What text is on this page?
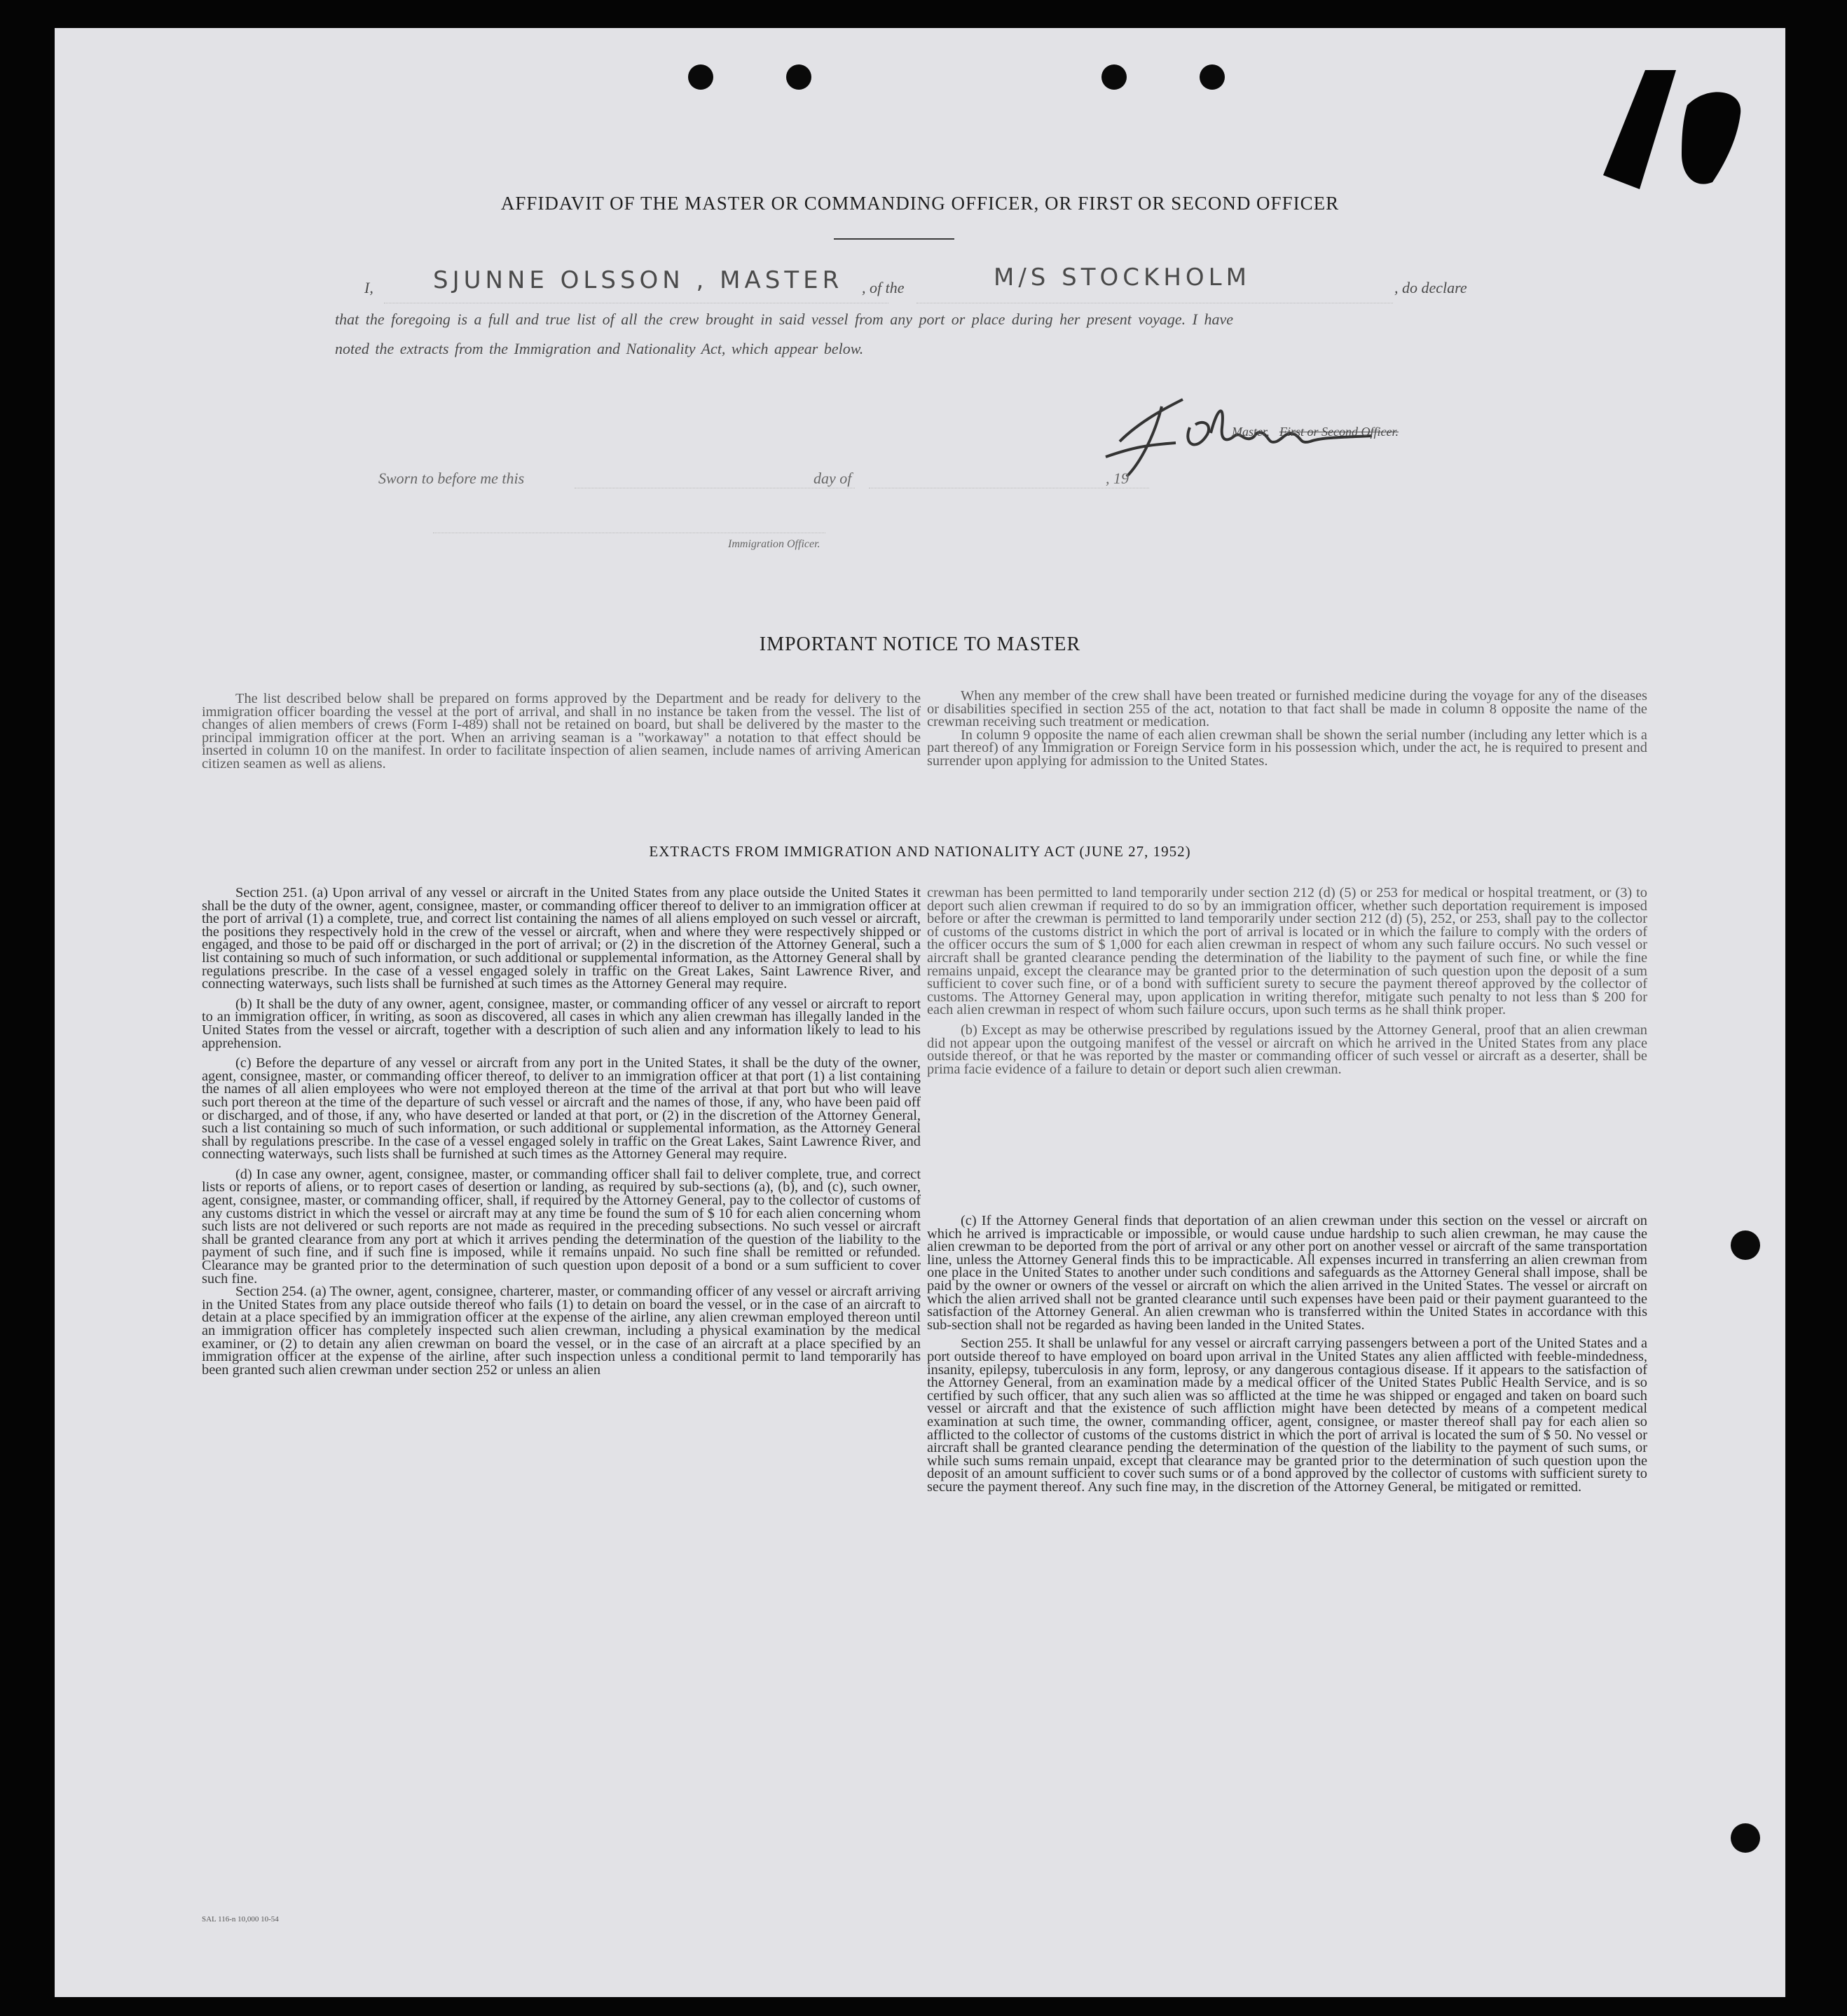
AFFIDAVIT OF THE MASTER OR COMMANDING OFFICER, OR FIRST OR SECOND OFFICER
I,	SJUNNE OLSSON , MASTER , of the	M/S STOCKHOLM	, do declare
that the foregoing is a full and true list of all the crew brought in said vessel from any port or place during her present voyage. I have
noted the extracts from the Immigration and Nationality Act, which appear below.
Master, First or Second Officer.
Sworn to before me this	day of	, 19
Immigration Officer.
IMPORTANT NOTICE TO MASTER

The list described below shall be prepared on forms approved by the Department and be ready for delivery to the immigration officer boarding the vessel at the port of arrival, and shall in no instance be taken from the vessel. The list of changes of alien members of crews (Form I-489) shall not be retained on board, but shall be delivered by the master to the principal immigration officer at the port. When an arriving seaman is a "workaway" a notation to that effect should be inserted in column 10 on the manifest. In order to facilitate inspection of alien seamen, include names of arriving American citizen seamen as well as aliens.

When any member of the crew shall have been treated or furnished medicine during the voyage for any of the diseases or disabilities specified in section 255 of the act, notation to that fact shall be made in column 8 opposite the name of the crewman receiving such treatment or medication.

In column 9 opposite the name of each alien crewman shall be shown the serial number (including any letter which is a part thereof) of any Immigration or Foreign Service form in his possession which, under the act, he is required to present and surrender upon applying for admission to the United States.

EXTRACTS FROM IMMIGRATION AND NATIONALITY ACT (JUNE 27, 1952)

Section 251. (a) Upon arrival of any vessel or aircraft in the United States from any place outside the United States it shall be the duty of the owner, agent, consignee, master, or commanding officer thereof to deliver to an immigration officer at the port of arrival (1) a complete, true, and correct list containing the names of all aliens employed on such vessel or aircraft, the positions they respectively hold in the crew of the vessel or aircraft, when and where they were respectively shipped or engaged, and those to be paid off or discharged in the port of arrival; or (2) in the discretion of the Attorney General, such a list containing so much of such information, or such additional or supplemental information, as the Attorney General shall by regulations prescribe. In the case of a vessel engaged solely in traffic on the Great Lakes, Saint Lawrence River, and connecting waterways, such lists shall be furnished at such times as the Attorney General may require.

(b) It shall be the duty of any owner, agent, consignee, master, or commanding officer of any vessel or aircraft to report to an immigration officer, in writing, as soon as discovered, all cases in which any alien crewman has illegally landed in the United States from the vessel or aircraft, together with a description of such alien and any information likely to lead to his apprehension.

(c) Before the departure of any vessel or aircraft from any port in the United States, it shall be the duty of the owner, agent, consignee, master, or commanding officer thereof, to deliver to an immigration officer at that port (1) a list containing the names of all alien employees who were not employed thereon at the time of the arrival at that port but who will leave such port thereon at the time of the departure of such vessel or aircraft and the names of those, if any, who have been paid off or discharged, and of those, if any, who have deserted or landed at that port, or (2) in the discretion of the Attorney General, such a list containing so much of such information, or such additional or supplemental information, as the Attorney General shall by regulations prescribe. In the case of a vessel engaged solely in traffic on the Great Lakes, Saint Lawrence River, and connecting waterways, such lists shall be furnished at such times as the Attorney General may require.

(d) In case any owner, agent, consignee, master, or commanding officer shall fail to deliver complete, true, and correct lists or reports of aliens, or to report cases of desertion or landing, as required by sub-sections (a), (b), and (c), such owner, agent, consignee, master, or commanding officer, shall, if required by the Attorney General, pay to the collector of customs of any customs district in which the vessel or aircraft may at any time be found the sum of $ 10 for each alien concerning whom such lists are not delivered or such reports are not made as required in the preceding subsections. No such vessel or aircraft shall be granted clearance from any port at which it arrives pending the determination of the question of the liability to the payment of such fine, and if such fine is imposed, while it remains unpaid. No such fine shall be remitted or refunded. Clearance may be granted prior to the determination of such question upon deposit of a bond or a sum sufficient to cover such fine.

Section 254. (a) The owner, agent, consignee, charterer, master, or commanding officer of any vessel or aircraft arriving in the United States from any place outside thereof who fails (1) to detain on board the vessel, or in the case of an aircraft to detain at a place specified by an immigration officer at the expense of the airline, any alien crewman employed thereon until an immigration officer has completely inspected such alien crewman, including a physical examination by the medical examiner, or (2) to detain any alien crewman on board the vessel, or in the case of an aircraft at a place specified by an immigration officer at the expense of the airline, after such inspection unless a conditional permit to land temporarily has been granted such alien crewman under section 252 or unless an alien

crewman has been permitted to land temporarily under section 212 (d) (5) or 253 for medical or hospital treatment, or (3) to deport such alien crewman if required to do so by an immigration officer, whether such deportation requirement is imposed before or after the crewman is permitted to land temporarily under section 212 (d) (5), 252, or 253, shall pay to the collector of customs of the customs district in which the port of arrival is located or in which the failure to comply with the orders of the officer occurs the sum of $ 1,000 for each alien crewman in respect of whom any such failure occurs. No such vessel or aircraft shall be granted clearance pending the determination of the liability to the payment of such fine, or while the fine remains unpaid, except the clearance may be granted prior to the determination of such question upon the deposit of a sum sufficient to cover such fine, or of a bond with sufficient surety to secure the payment thereof approved by the collector of customs. The Attorney General may, upon application in writing therefor, mitigate such penalty to not less than $ 200 for each alien crewman in respect of whom such failure occurs, upon such terms as he shall think proper.

(b) Except as may be otherwise prescribed by regulations issued by the Attorney General, proof that an alien crewman did not appear upon the outgoing manifest of the vessel or aircraft on which he arrived in the United States from any place outside thereof, or that he was reported by the master or commanding officer of such vessel or aircraft as a deserter, shall be prima facie evidence of a failure to detain or deport such alien crewman.

(c) If the Attorney General finds that deportation of an alien crewman under this section on the vessel or aircraft on which he arrived is impracticable or impossible, or would cause undue hardship to such alien crewman, he may cause the alien crewman to be deported from the port of arrival or any other port on another vessel or aircraft of the same transportation line, unless the Attorney General finds this to be impracticable. All expenses incurred in transferring an alien crewman from one place in the United States to another under such conditions and safeguards as the Attorney General shall impose, shall be paid by the owner or owners of the vessel or aircraft on which the alien arrived in the United States. The vessel or aircraft on which the alien arrived shall not be granted clearance until such expenses have been paid or their payment guaranteed to the satisfaction of the Attorney General. An alien crewman who is transferred within the United States in accordance with this sub-section shall not be regarded as having been landed in the United States.

Section 255. It shall be unlawful for any vessel or aircraft carrying passengers between a port of the United States and a port outside thereof to have employed on board upon arrival in the United States any alien afflicted with feeble-mindedness, insanity, epilepsy, tuberculosis in any form, leprosy, or any dangerous contagious disease. If it appears to the satisfaction of the Attorney General, from an examination made by a medical officer of the United States Public Health Service, and is so certified by such officer, that any such alien was so afflicted at the time he was shipped or engaged and taken on board such vessel or aircraft and that the existence of such affliction might have been detected by means of a competent medical examination at such time, the owner, commanding officer, agent, consignee, or master thereof shall pay for each alien so afflicted to the collector of customs of the customs district in which the port of arrival is located the sum of $ 50. No vessel or aircraft shall be granted clearance pending the determination of the question of the liability to the payment of such sums, or while such sums remain unpaid, except that clearance may be granted prior to the determination of such question upon the deposit of an amount sufficient to cover such sums or of a bond approved by the collector of customs with sufficient surety to secure the payment thereof. Any such fine may, in the discretion of the Attorney General, be mitigated or remitted.

SAL 116-n 10,000 10-54
